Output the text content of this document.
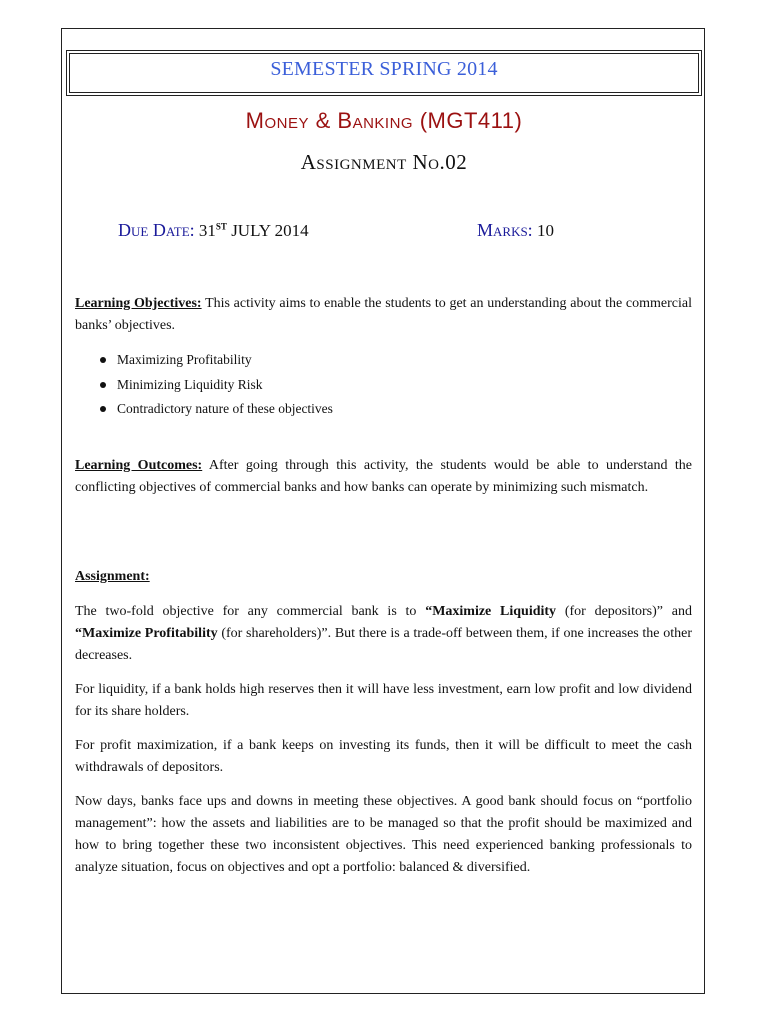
SEMESTER SPRING 2014
Money & Banking (MGT411)
Assignment No.02
Due Date: 31ST JULY 2014	Marks: 10
Learning Objectives: This activity aims to enable the students to get an understanding about the commercial banks’ objectives.
Maximizing Profitability
Minimizing Liquidity Risk
Contradictory nature of these objectives
Learning Outcomes: After going through this activity, the students would be able to understand the conflicting objectives of commercial banks and how banks can operate by minimizing such mismatch.
Assignment:
The two-fold objective for any commercial bank is to “Maximize Liquidity (for depositors)” and “Maximize Profitability (for shareholders)”. But there is a trade-off between them, if one increases the other decreases.
For liquidity, if a bank holds high reserves then it will have less investment, earn low profit and low dividend for its share holders.
For profit maximization, if a bank keeps on investing its funds, then it will be difficult to meet the cash withdrawals of depositors.
Now days, banks face ups and downs in meeting these objectives. A good bank should focus on “portfolio management”: how the assets and liabilities are to be managed so that the profit should be maximized and how to bring together these two inconsistent objectives. This need experienced banking professionals to analyze situation, focus on objectives and opt a portfolio: balanced & diversified.
